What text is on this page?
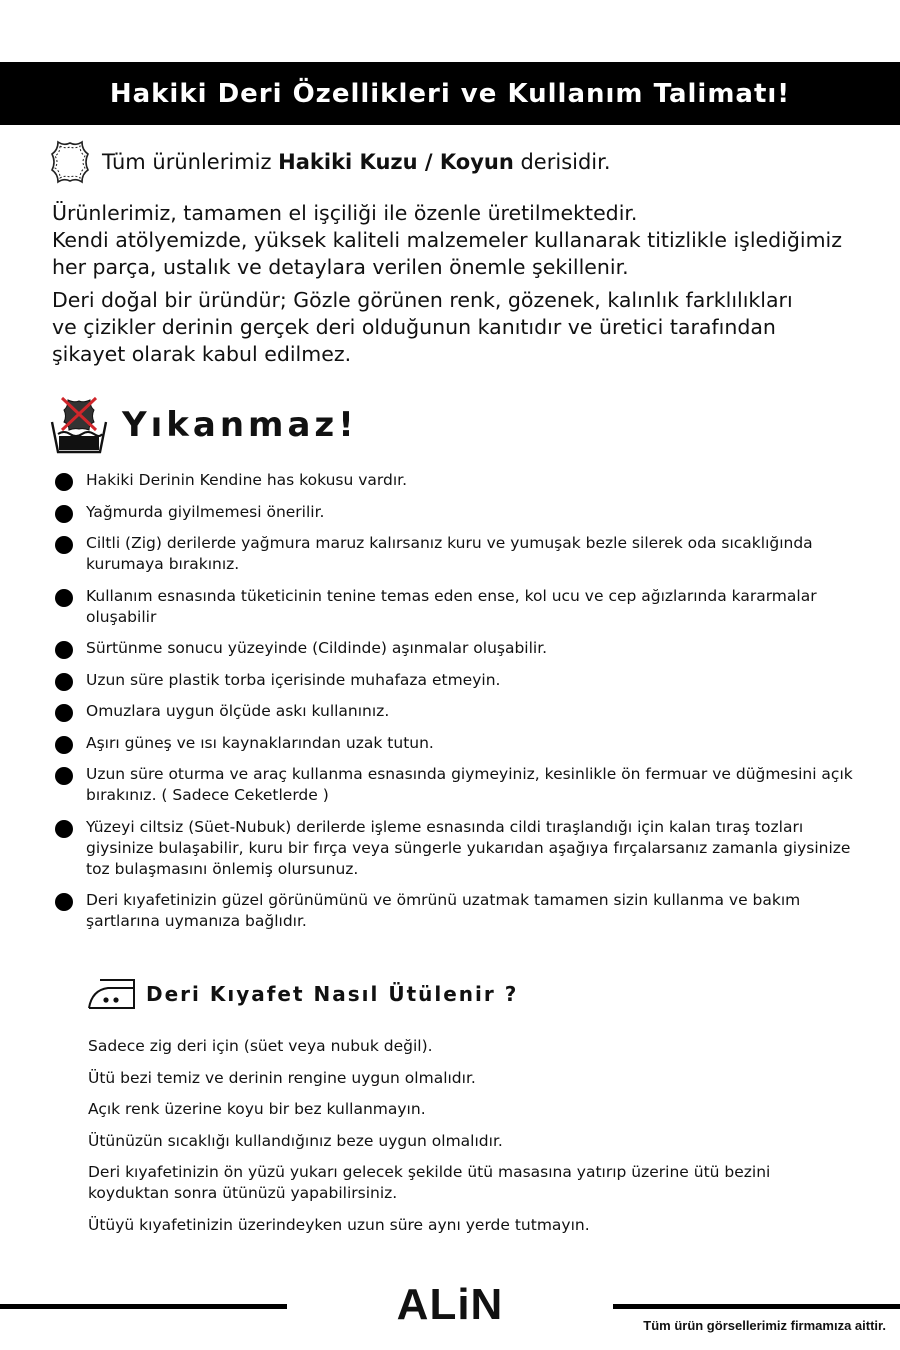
Hakiki Deri Özellikleri ve Kullanım Talimatı!
Tüm ürünlerimiz Hakiki Kuzu / Koyun derisidir.
Ürünlerimiz, tamamen el işçiliği ile özenle üretilmektedir.
Kendi atölyemizde, yüksek kaliteli malzemeler kullanarak titizlikle işlediğimiz
her parça, ustalık ve detaylara verilen önemle şekillenir.
Deri doğal bir üründür; Gözle görünen renk, gözenek, kalınlık farklılıkları
ve çizikler derinin gerçek deri olduğunun kanıtıdır ve üretici tarafından
şikayet olarak kabul edilmez.
Yıkanmaz!
Hakiki Derinin Kendine has kokusu vardır.
Yağmurda giyilmemesi önerilir.
Ciltli (Zig) derilerde yağmura maruz kalırsanız kuru ve yumuşak bezle silerek oda sıcaklığında kurumaya bırakınız.
Kullanım esnasında tüketicinin tenine temas eden ense, kol ucu ve cep ağızlarında kararmalar oluşabilir
Sürtünme sonucu yüzeyinde (Cildinde) aşınmalar oluşabilir.
Uzun süre plastik torba içerisinde muhafaza etmeyin.
Omuzlara uygun ölçüde askı kullanınız.
Aşırı güneş ve ısı kaynaklarından uzak tutun.
Uzun süre oturma ve araç kullanma esnasında giymeyiniz, kesinlikle ön fermuar ve düğmesini açık bırakınız. ( Sadece Ceketlerde )
Yüzeyi ciltsiz (Süet-Nubuk) derilerde işleme esnasında cildi tıraşlandığı için kalan tıraş tozları giysinize bulaşabilir, kuru bir fırça veya süngerle yukarıdan aşağıya fırçalarsanız zamanla giysinize toz bulaşmasını önlemiş olursunuz.
Deri kıyafetinizin güzel görünümünü ve ömrünü uzatmak tamamen sizin kullanma ve bakım şartlarına uymanıza bağlıdır.
Deri Kıyafet Nasıl Ütülenir ?
Sadece zig deri için (süet veya nubuk değil).
Ütü bezi temiz ve derinin rengine uygun olmalıdır.
Açık renk üzerine koyu bir bez kullanmayın.
Ütünüzün sıcaklığı kullandığınız beze uygun olmalıdır.
Deri kıyafetinizin ön yüzü yukarı gelecek şekilde ütü masasına yatırıp üzerine ütü bezini koyduktan sonra ütünüzü yapabilirsiniz.
Ütüyü kıyafetinizin üzerindeyken uzun süre aynı yerde tutmayın.
ALiN	Tüm ürün görsellerimiz firmamıza aittir.
